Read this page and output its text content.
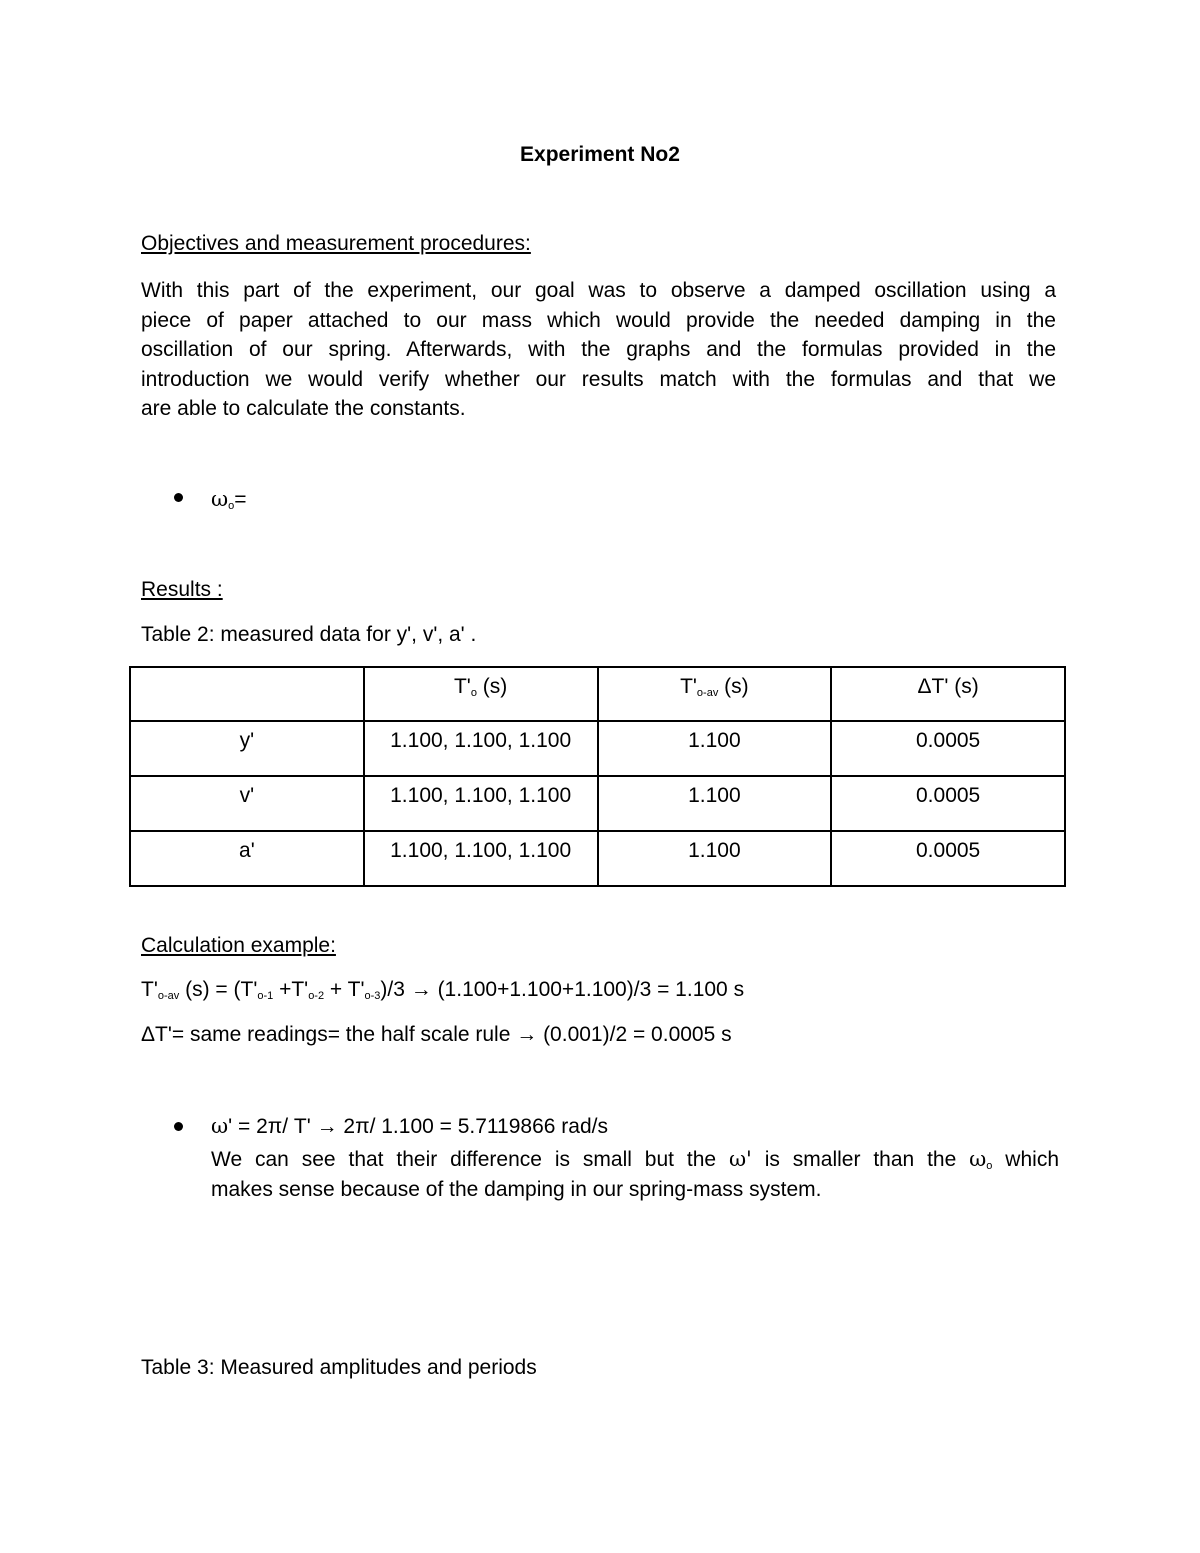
Experiment No2
Objectives and measurement procedures:
With this part of the experiment, our goal was to observe a damped oscillation using a
piece of paper attached to our mass which would provide the needed damping in the
oscillation of our spring. Afterwards, with the graphs and the formulas provided in the
introduction we would verify whether our results match with the formulas and that we
are able to calculate the constants.
$\omega_o=$
Results :
Table 2: measured data for y', v', a' .
	$T'_o$ (s)	$T'_{o-av}$ (s)	ΔT' (s)
y'	1.100, 1.100, 1.100	1.100	0.0005
v'	1.100, 1.100, 1.100	1.100	0.0005
a'	1.100, 1.100, 1.100	1.100	0.0005
Calculation example:
$T'_{o-av}$ $(s) = (T'_{o-1} +T'_{o-2} + T'_{o-3})/3 \to (1.100+1.100+1.100)/3 = 1.100$ s
ΔT'= same readings= the half scale rule → (0.001)/2 = 0.0005 s
ω' = 2π/ T' → 2π/ 1.100 = 5.7119866 rad/s
We can see that their difference is small but the ω' is smaller than the $\omega_o$ which
makes sense because of the damping in our spring-mass system.
Table 3: Measured amplitudes and periods
